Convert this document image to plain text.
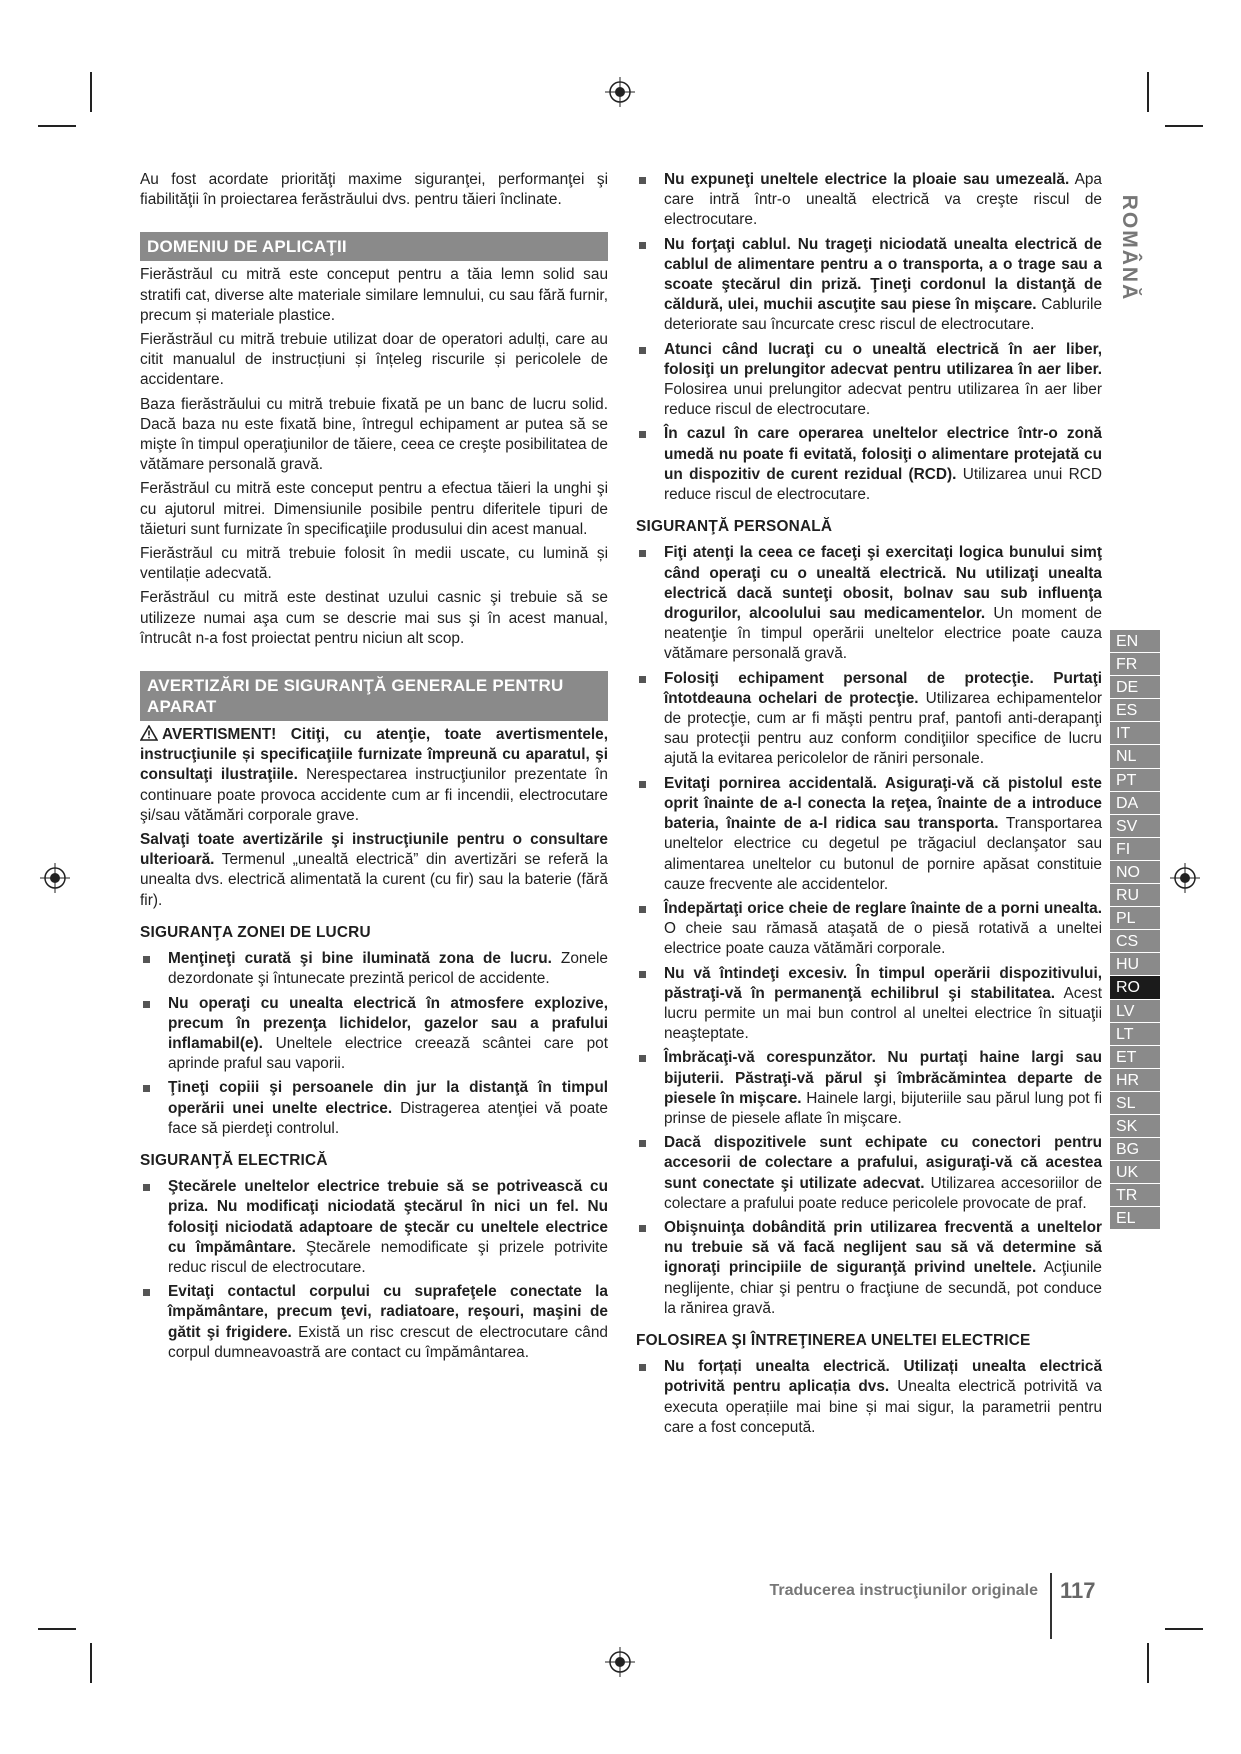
ROMÂNĂ

Au fost acordate priorităţi maxime siguranţei, performanţei şi fiabilităţii în proiectarea ferăstrăului dvs. pentru tăieri înclinate.

DOMENIU DE APLICAŢII

Fierăstrăul cu mitră este conceput pentru a tăia lemn solid sau stratifi cat, diverse alte materiale similare lemnului, cu sau fără furnir, precum și materiale plastice.

Fierăstrăul cu mitră trebuie utilizat doar de operatori adulți, care au citit manualul de instrucțiuni și înțeleg riscurile și pericolele de accidentare.

Baza fierăstrăului cu mitră trebuie fixată pe un banc de lucru solid. Dacă baza nu este fixată bine, întregul echipament ar putea să se mişte în timpul operaţiunilor de tăiere, ceea ce creşte posibilitatea de vătămare personală gravă.

Ferăstrăul cu mitră este conceput pentru a efectua tăieri la unghi şi cu ajutorul mitrei. Dimensiunile posibile pentru diferitele tipuri de tăieturi sunt furnizate în specificaţiile produsului din acest manual.

Fierăstrăul cu mitră trebuie folosit în medii uscate, cu lumină și ventilație adecvată.

Ferăstrăul cu mitră este destinat uzului casnic şi trebuie să se utilizeze numai aşa cum se descrie mai sus şi în acest manual, întrucât n-a fost proiectat pentru niciun alt scop.

AVERTIZĂRI DE SIGURANŢĂ GENERALE PENTRU APARAT

AVERTISMENT! Citiţi, cu atenţie, toate avertismentele, instrucţiunile și specificaţiile furnizate împreună cu aparatul, şi consultaţi ilustraţiile. Nerespectarea instrucţiunilor prezentate în continuare poate provoca accidente cum ar fi incendii, electrocutare şi/sau vătămări corporale grave.

Salvaţi toate avertizările şi instrucţiunile pentru o consultare ulterioară. Termenul „unealtă electrică” din avertizări se referă la unealta dvs. electrică alimentată la curent (cu fir) sau la baterie (fără fir).

SIGURANŢA ZONEI DE LUCRU
Menţineţi curată şi bine iluminată zona de lucru. Zonele dezordonate şi întunecate prezintă pericol de accidente.
Nu operaţi cu unealta electrică în atmosfere explozive, precum în prezenţa lichidelor, gazelor sau a prafului inflamabil(e). Uneltele electrice creează scântei care pot aprinde praful sau vaporii.
Ţineţi copiii şi persoanele din jur la distanţă în timpul operării unei unelte electrice. Distragerea atenţiei vă poate face să pierdeţi controlul.
SIGURANŢĂ ELECTRICĂ
Ştecărele uneltelor electrice trebuie să se potrivească cu priza. Nu modificaţi niciodată ştecărul în nici un fel. Nu folosiţi niciodată adaptoare de ştecăr cu uneltele electrice cu împământare. Ştecărele nemodificate şi prizele potrivite reduc riscul de electrocutare.
Evitaţi contactul corpului cu suprafeţele conectate la împământare, precum ţevi, radiatoare, reşouri, maşini de gătit şi frigidere. Există un risc crescut de electrocutare când corpul dumneavoastră are contact cu împământarea.
Nu expuneţi uneltele electrice la ploaie sau umezeală. Apa care intră într-o unealtă electrică va creşte riscul de electrocutare.
Nu forţaţi cablul. Nu trageţi niciodată unealta electrică de cablul de alimentare pentru a o transporta, a o trage sau a scoate ştecărul din priză. Ţineţi cordonul la distanţă de căldură, ulei, muchii ascuţite sau piese în mişcare. Cablurile deteriorate sau încurcate cresc riscul de electrocutare.
Atunci când lucraţi cu o unealtă electrică în aer liber, folosiţi un prelungitor adecvat pentru utilizarea în aer liber. Folosirea unui prelungitor adecvat pentru utilizarea în aer liber reduce riscul de electrocutare.
În cazul în care operarea uneltelor electrice într-o zonă umedă nu poate fi evitată, folosiţi o alimentare protejată cu un dispozitiv de curent rezidual (RCD). Utilizarea unui RCD reduce riscul de electrocutare.
SIGURANŢĂ PERSONALĂ
Fiţi atenţi la ceea ce faceţi şi exercitaţi logica bunului simţ când operaţi cu o unealtă electrică. Nu utilizaţi unealta electrică dacă sunteţi obosit, bolnav sau sub influenţa drogurilor, alcoolului sau medicamentelor. Un moment de neatenţie în timpul operării uneltelor electrice poate cauza vătămare personală gravă.
Folosiţi echipament personal de protecţie. Purtaţi întotdeauna ochelari de protecţie. Utilizarea echipamentelor de protecţie, cum ar fi măşti pentru praf, pantofi anti-derapanţi sau protecţii pentru auz conform condiţiilor specifice de lucru ajută la evitarea pericolelor de răniri personale.
Evitaţi pornirea accidentală. Asiguraţi-vă că pistolul este oprit înainte de a-l conecta la reţea, înainte de a introduce bateria, înainte de a-l ridica sau transporta. Transportarea uneltelor electrice cu degetul pe trăgaciul declanşator sau alimentarea uneltelor cu butonul de pornire apăsat constituie cauze frecvente ale accidentelor.
Îndepărtaţi orice cheie de reglare înainte de a porni unealta. O cheie sau rămasă ataşată de o piesă rotativă a uneltei electrice poate cauza vătămări corporale.
Nu vă întindeţi excesiv. În timpul operării dispozitivului, păstraţi-vă în permanenţă echilibrul şi stabilitatea. Acest lucru permite un mai bun control al uneltei electrice în situaţii neaşteptate.
Îmbrăcaţi-vă corespunzător. Nu purtaţi haine largi sau bijuterii. Păstraţi-vă părul şi îmbrăcămintea departe de piesele în mişcare. Hainele largi, bijuteriile sau părul lung pot fi prinse de piesele aflate în mişcare.
Dacă dispozitivele sunt echipate cu conectori pentru accesorii de colectare a prafului, asiguraţi-vă că acestea sunt conectate şi utilizate adecvat. Utilizarea accesoriilor de colectare a prafului poate reduce pericolele provocate de praf.
Obişnuinţa dobândită prin utilizarea frecventă a uneltelor nu trebuie să vă facă neglijent sau să vă determine să ignoraţi principiile de siguranţă privind uneltele. Acţiunile neglijente, chiar şi pentru o fracţiune de secundă, pot conduce la rănirea gravă.
FOLOSIREA ŞI ÎNTREŢINEREA UNELTEI ELECTRICE
Nu forțați unealta electrică. Utilizați unealta electrică potrivită pentru aplicația dvs. Unealta electrică potrivită va executa operațiile mai bine și mai sigur, la parametrii pentru care a fost concepută.
EN
FR
DE
ES
IT
NL
PT
DA
SV
FI
NO
RU
PL
CS
HU
RO
LV
LT
ET
HR
SL
SK
BG
UK
TR
EL
Traducerea instrucţiunilor originale 117
